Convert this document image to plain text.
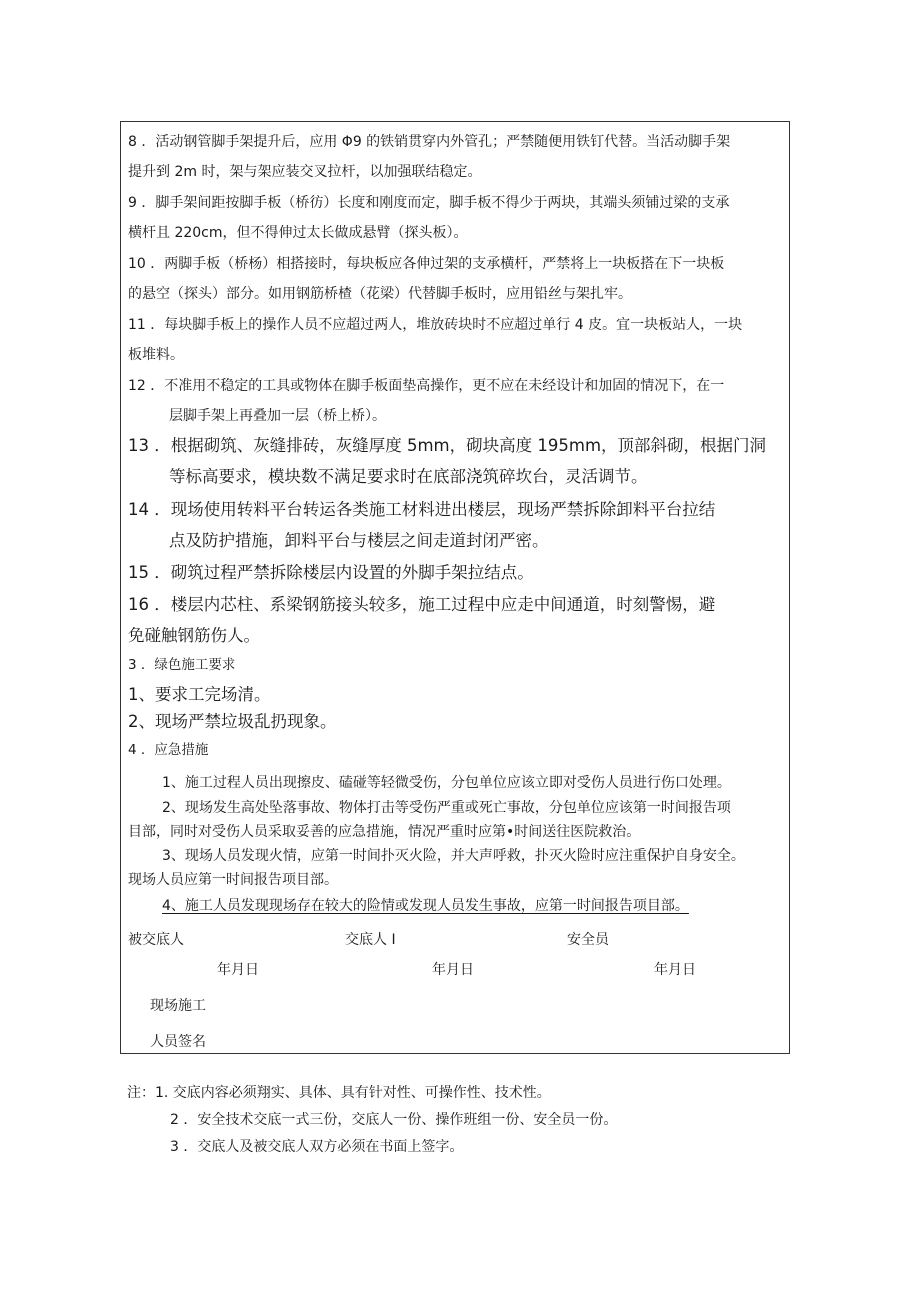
8 ．活动钢管脚手架提升后，应用 Φ9 的铁销贯穿内外管孔；严禁随便用铁钉代替。当活动脚手架
提升到 2m 时，架与架应装交叉拉杆，以加强联结稳定。
9 ．脚手架间距按脚手板（桥彷）长度和刚度而定，脚手板不得少于两块，其端头须铺过梁的支承
横杆且 220cm，但不得伸过太长做成悬臂（探头板）。
10 ．两脚手板（桥杨）相搭接时，每块板应各伸过架的支承横杆，严禁将上一块板搭在下一块板
的悬空（探头）部分。如用钢筋桥楂（花梁）代替脚手板时，应用铅丝与架扎牢。
11 ．每块脚手板上的操作人员不应超过两人，堆放砖块时不应超过单行 4 皮。宜一块板站人，一块
板堆料。
12 ．不准用不稳定的工具或物体在脚手板面垫高操作，更不应在未经设计和加固的情况下，在一
层脚手架上再叠加一层（桥上桥）。
13 ．根据砌筑、灰缝排砖，灰缝厚度 5mm，砌块高度 195mm，顶部斜砌，根据门洞
等标高要求，模块数不满足要求时在底部浇筑碎坎台，灵活调节。
14 ．现场使用转料平台转运各类施工材料进出楼层，现场严禁拆除卸料平台拉结
点及防护措施，卸料平台与楼层之间走道封闭严密。
15 ．砌筑过程严禁拆除楼层内设置的外脚手架拉结点。
16 ．楼层内芯柱、系梁钢筋接头较多，施工过程中应走中间通道，时刻警惕，避
免碰触钢筋伤人。
3 ．绿色施工要求
1、要求工完场清。
2、现场严禁垃圾乱扔现象。
4 ．应急措施
1、施工过程人员出现擦皮、磕碰等轻微受伤，分包单位应该立即对受伤人员进行伤口处理。
2、现场发生高处坠落事故、物体打击等受伤严重或死亡事故，分包单位应该第一时间报告项
目部，同时对受伤人员采取妥善的应急措施，情况严重时应第•时间送往医院救治。
3、现场人员发现火情，应第一时间扑灭火险，并大声呼救，扑灭火险时应注重保护自身安全。
现场人员应第一时间报告项目部。
4、施工人员发现现场存在较大的险情或发现人员发生事故，应第一时间报告项目部。
被交底人	交底人 I	安全员
年月日	年月日	年月日
现场施工
人员签名
注：1. 交底内容必须翔实、具体、具有针对性、可操作性、技术性。
2 ．安全技术交底一式三份，交底人一份、操作班组一份、安全员一份。
3 ．交底人及被交底人双方必须在书面上签字。
